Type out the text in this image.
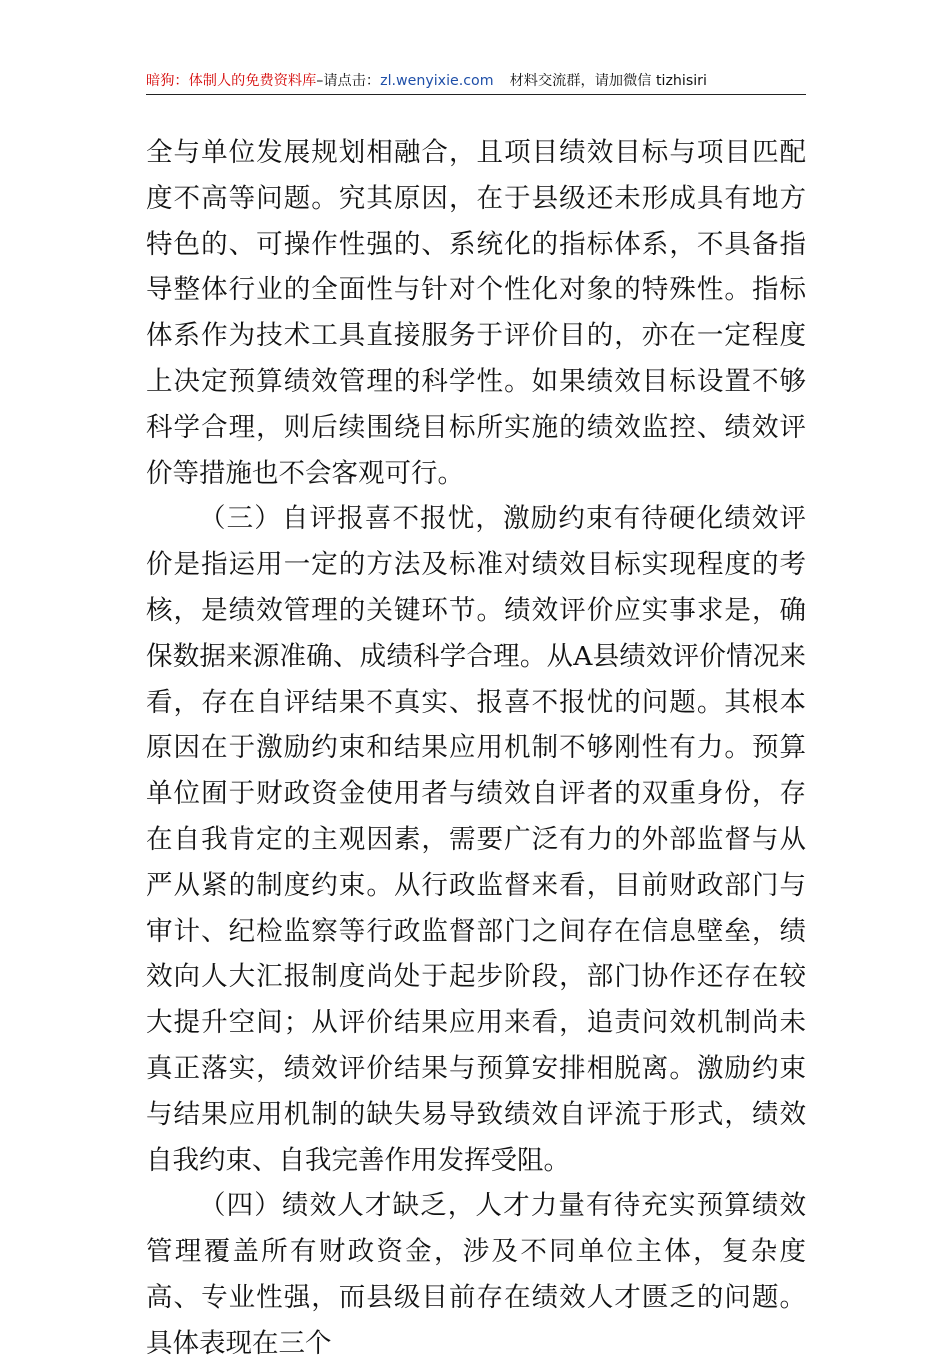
暗狗：体制人的免费资料库–请点击：zl.wenyixie.com 材料交流群，请加微信 tizhisiri

全与单位发展规划相融合，且项目绩效目标与项目匹配度不高等问题。究其原因，在于县级还未形成具有地方特色的、可操作性强的、系统化的指标体系，不具备指导整体行业的全面性与针对个性化对象的特殊性。指标体系作为技术工具直接服务于评价目的，亦在一定程度上决定预算绩效管理的科学性。如果绩效目标设置不够科学合理，则后续围绕目标所实施的绩效监控、绩效评价等措施也不会客观可行。

（三）自评报喜不报忧，激励约束有待硬化绩效评价是指运用一定的方法及标准对绩效目标实现程度的考核，是绩效管理的关键环节。绩效评价应实事求是，确保数据来源准确、成绩科学合理。从A县绩效评价情况来看，存在自评结果不真实、报喜不报忧的问题。其根本原因在于激励约束和结果应用机制不够刚性有力。预算单位囿于财政资金使用者与绩效自评者的双重身份，存在自我肯定的主观因素，需要广泛有力的外部监督与从严从紧的制度约束。从行政监督来看，目前财政部门与审计、纪检监察等行政监督部门之间存在信息壁垒，绩效向人大汇报制度尚处于起步阶段，部门协作还存在较大提升空间；从评价结果应用来看，追责问效机制尚未真正落实，绩效评价结果与预算安排相脱离。激励约束与结果应用机制的缺失易导致绩效自评流于形式，绩效自我约束、自我完善作用发挥受阻。

（四）绩效人才缺乏，人才力量有待充实预算绩效管理覆盖所有财政资金，涉及不同单位主体，复杂度高、专业性强，而县级目前存在绩效人才匮乏的问题。具体表现在三个
